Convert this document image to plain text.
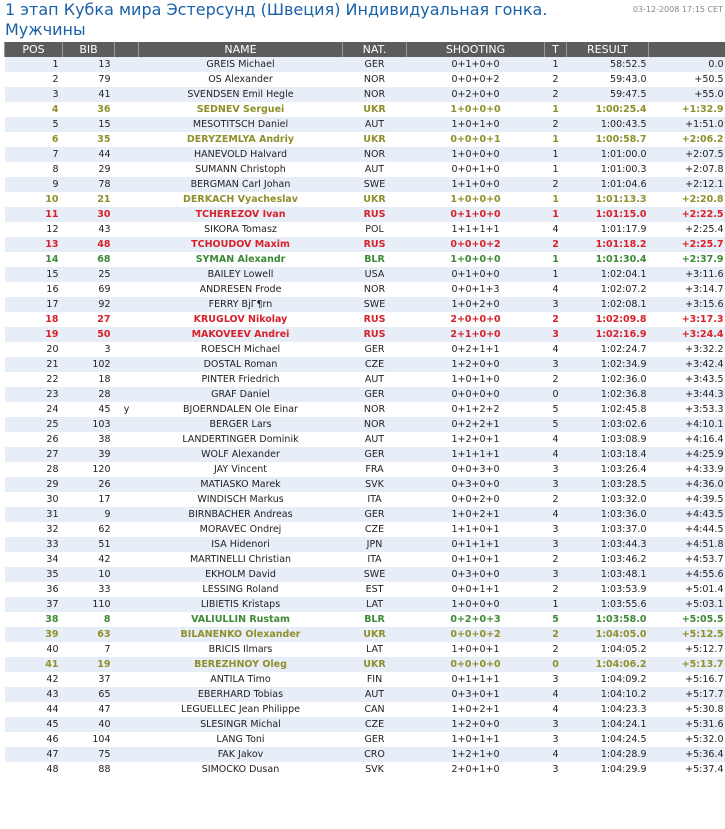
1 этап Кубка мира Эстерсунд (Швеция) Индивидуальная гонка. Мужчины
03-12-2008 17:15 CET
POS	BIB		NAME	NAT.	SHOOTING	T	RESULT	
1	13		GREIS Michael	GER	0+1+0+0	1	58:52.5	0.0
2	79		OS Alexander	NOR	0+0+0+2	2	59:43.0	+50.5
3	41		SVENDSEN Emil Hegle	NOR	0+2+0+0	2	59:47.5	+55.0
4	36		SEDNEV Serguei	UKR	1+0+0+0	1	1:00:25.4	+1:32.9
5	15		MESOTITSCH Daniel	AUT	1+0+1+0	2	1:00:43.5	+1:51.0
6	35		DERYZEMLYA Andriy	UKR	0+0+0+1	1	1:00:58.7	+2:06.2
7	44		HANEVOLD Halvard	NOR	1+0+0+0	1	1:01:00.0	+2:07.5
8	29		SUMANN Christoph	AUT	0+0+1+0	1	1:01:00.3	+2:07.8
9	78		BERGMAN Carl Johan	SWE	1+1+0+0	2	1:01:04.6	+2:12.1
10	21		DERKACH Vyacheslav	UKR	1+0+0+0	1	1:01:13.3	+2:20.8
11	30		TCHEREZOV Ivan	RUS	0+1+0+0	1	1:01:15.0	+2:22.5
12	43		SIKORA Tomasz	POL	1+1+1+1	4	1:01:17.9	+2:25.4
13	48		TCHOUDOV Maxim	RUS	0+0+0+2	2	1:01:18.2	+2:25.7
14	68		SYMAN Alexandr	BLR	1+0+0+0	1	1:01:30.4	+2:37.9
15	25		BAILEY Lowell	USA	0+1+0+0	1	1:02:04.1	+3:11.6
16	69		ANDRESEN Frode	NOR	0+0+1+3	4	1:02:07.2	+3:14.7
17	92		FERRY BjГ¶rn	SWE	1+0+2+0	3	1:02:08.1	+3:15.6
18	27		KRUGLOV Nikolay	RUS	2+0+0+0	2	1:02:09.8	+3:17.3
19	50		MAKOVEEV Andrei	RUS	2+1+0+0	3	1:02:16.9	+3:24.4
20	3		ROESCH Michael	GER	0+2+1+1	4	1:02:24.7	+3:32.2
21	102		DOSTAL Roman	CZE	1+2+0+0	3	1:02:34.9	+3:42.4
22	18		PINTER Friedrich	AUT	1+0+1+0	2	1:02:36.0	+3:43.5
23	28		GRAF Daniel	GER	0+0+0+0	0	1:02:36.8	+3:44.3
24	45	y	BJOERNDALEN Ole Einar	NOR	0+1+2+2	5	1:02:45.8	+3:53.3
25	103		BERGER Lars	NOR	0+2+2+1	5	1:03:02.6	+4:10.1
26	38		LANDERTINGER Dominik	AUT	1+2+0+1	4	1:03:08.9	+4:16.4
27	39		WOLF Alexander	GER	1+1+1+1	4	1:03:18.4	+4:25.9
28	120		JAY Vincent	FRA	0+0+3+0	3	1:03:26.4	+4:33.9
29	26		MATIASKO Marek	SVK	0+3+0+0	3	1:03:28.5	+4:36.0
30	17		WINDISCH Markus	ITA	0+0+2+0	2	1:03:32.0	+4:39.5
31	9		BIRNBACHER Andreas	GER	1+0+2+1	4	1:03:36.0	+4:43.5
32	62		MORAVEC Ondrej	CZE	1+1+0+1	3	1:03:37.0	+4:44.5
33	51		ISA Hidenori	JPN	0+1+1+1	3	1:03:44.3	+4:51.8
34	42		MARTINELLI Christian	ITA	0+1+0+1	2	1:03:46.2	+4:53.7
35	10		EKHOLM David	SWE	0+3+0+0	3	1:03:48.1	+4:55.6
36	33		LESSING Roland	EST	0+0+1+1	2	1:03:53.9	+5:01.4
37	110		LIBIETIS Kristaps	LAT	1+0+0+0	1	1:03:55.6	+5:03.1
38	8		VALIULLIN Rustam	BLR	0+2+0+3	5	1:03:58.0	+5:05.5
39	63		BILANENKO Olexander	UKR	0+0+0+2	2	1:04:05.0	+5:12.5
40	7		BRICIS Ilmars	LAT	1+0+0+1	2	1:04:05.2	+5:12.7
41	19		BEREZHNOY Oleg	UKR	0+0+0+0	0	1:04:06.2	+5:13.7
42	37		ANTILA Timo	FIN	0+1+1+1	3	1:04:09.2	+5:16.7
43	65		EBERHARD Tobias	AUT	0+3+0+1	4	1:04:10.2	+5:17.7
44	47		LEGUELLEC Jean Philippe	CAN	1+0+2+1	4	1:04:23.3	+5:30.8
45	40		SLESINGR Michal	CZE	1+2+0+0	3	1:04:24.1	+5:31.6
46	104		LANG Toni	GER	1+0+1+1	3	1:04:24.5	+5:32.0
47	75		FAK Jakov	CRO	1+2+1+0	4	1:04:28.9	+5:36.4
48	88		SIMOCKO Dusan	SVK	2+0+1+0	3	1:04:29.9	+5:37.4
